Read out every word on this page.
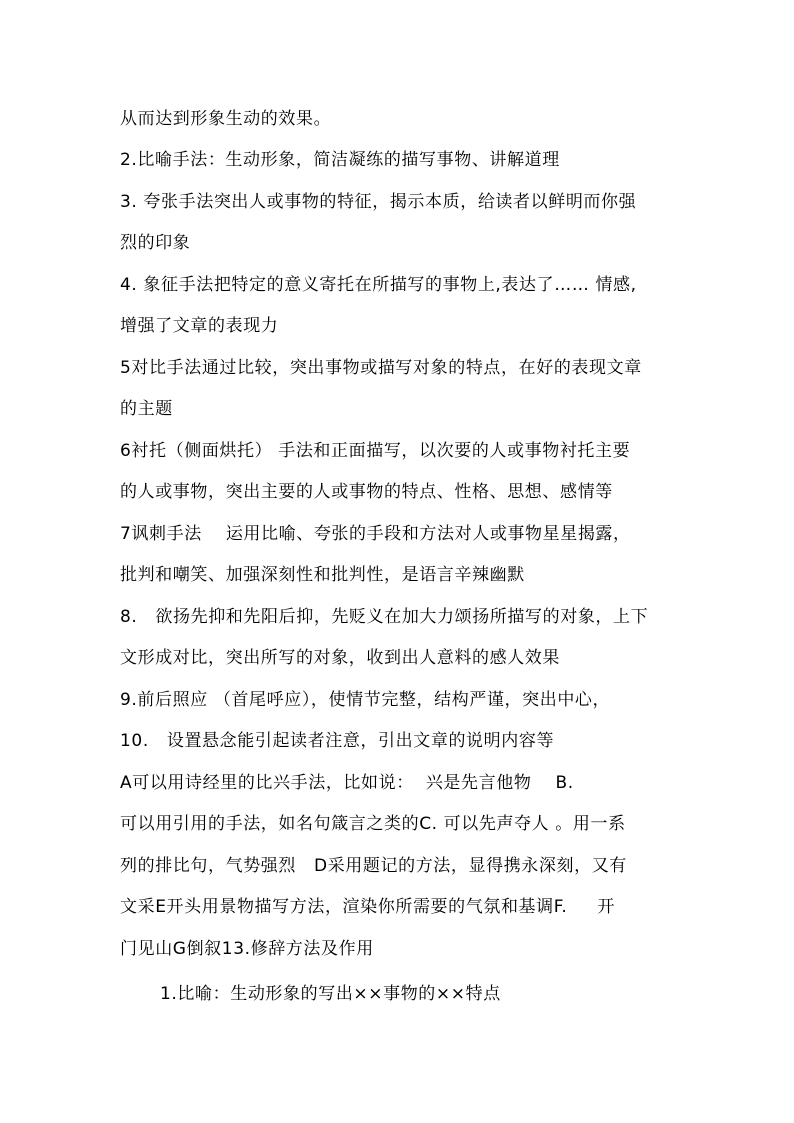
从而达到形象生动的效果。
2.比喻手法：生动形象，简洁凝练的描写事物、讲解道理
3. 夸张手法突出人或事物的特征，揭示本质，给读者以鲜明而你强
烈的印象
4. 象征手法把特定的意义寄托在所描写的事物上,表达了…… 情感,
增强了文章的表现力
5对比手法通过比较，突出事物或描写对象的特点，在好的表现文章
的主题
6衬托（侧面烘托） 手法和正面描写，以次要的人或事物衬托主要
的人或事物，突出主要的人或事物的特点、性格、思想、感情等
7讽刺手法    运用比喻、夸张的手段和方法对人或事物星星揭露，
批判和嘲笑、加强深刻性和批判性，是语言辛辣幽默
8.   欲扬先抑和先阳后抑，先贬义在加大力颂扬所描写的对象，上下
文形成对比，突出所写的对象，收到出人意料的感人效果
9.前后照应 （首尾呼应），使情节完整，结构严谨，突出中心，
10.   设置悬念能引起读者注意，引出文章的说明内容等
A可以用诗经里的比兴手法，比如说：  兴是先言他物    B.
可以用引用的手法，如名句箴言之类的C. 可以先声夺人 。用一系
列的排比句，气势强烈   D采用题记的方法，显得携永深刻，又有
文采E开头用景物描写方法，渲染你所需要的气氛和基调F.     开
门见山G倒叙13.修辞方法及作用
1.比喻：生动形象的写出××事物的××特点
